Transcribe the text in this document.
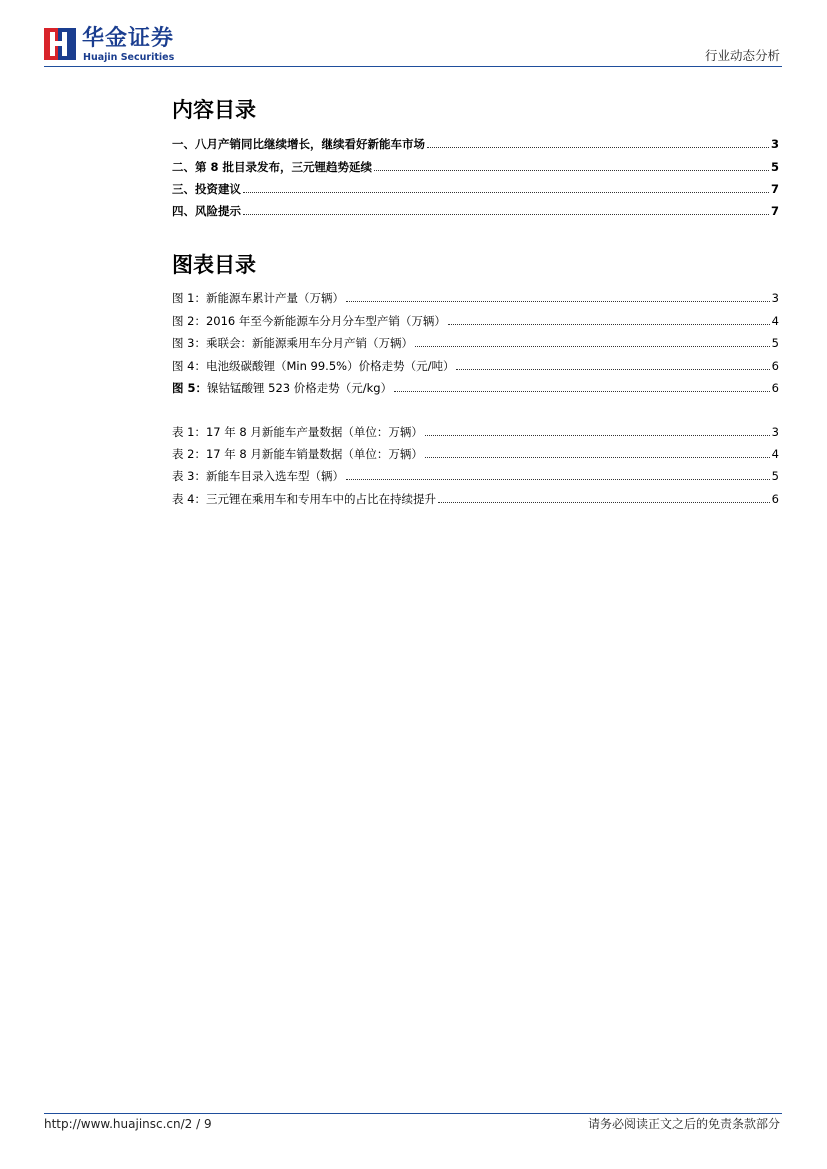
华金证券
Huajin Securities	行业动态分析
内容目录
一、八月产销同比继续增长，继续看好新能车市场	3
二、第 8 批目录发布，三元锂趋势延续	5
三、投资建议	7
四、风险提示	7
图表目录
图 1：新能源车累计产量（万辆）	3
图 2：2016 年至今新能源车分月分车型产销（万辆）	4
图 3：乘联会：新能源乘用车分月产销（万辆）	5
图 4：电池级碳酸锂（Min 99.5%）价格走势（元/吨）	6
图 5：镍钴锰酸锂 523 价格走势（元/kg）	6
表 1：17 年 8 月新能车产量数据（单位：万辆）	3
表 2：17 年 8 月新能车销量数据（单位：万辆）	4
表 3：新能车目录入选车型（辆）	5
表 4：三元锂在乘用车和专用车中的占比在持续提升	6
http://www.huajinsc.cn/2 / 9	请务必阅读正文之后的免责条款部分
